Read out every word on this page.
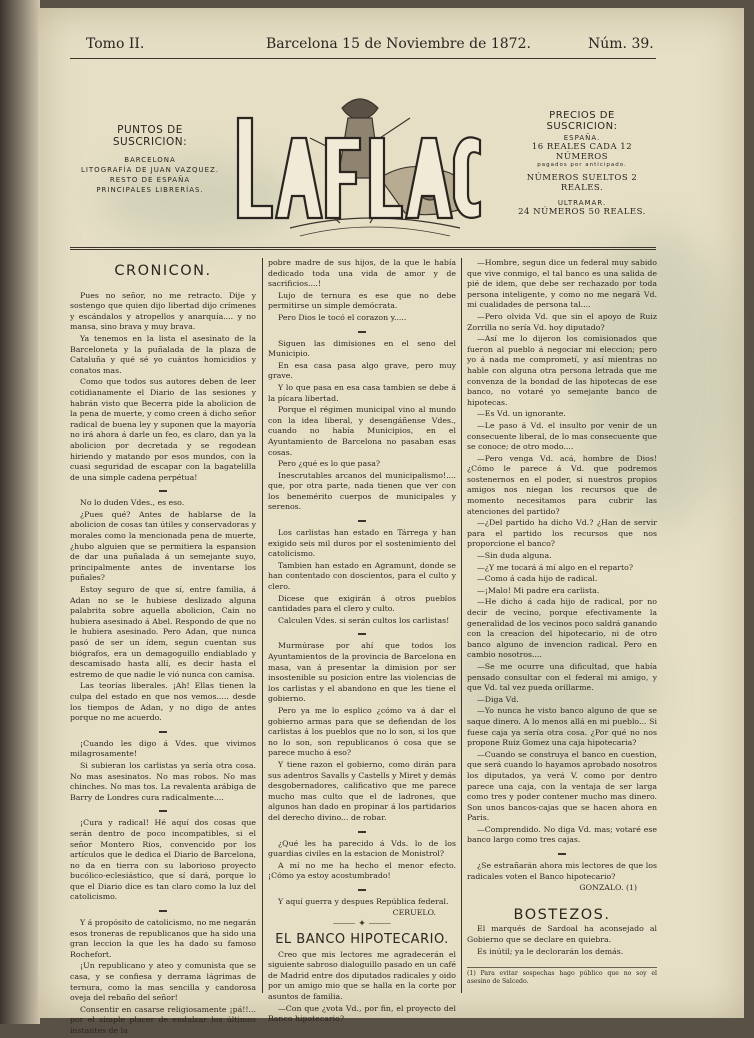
Tomo II.	Barcelona 15 de Noviembre de 1872.	Núm. 39.
PUNTOS DE SUSCRICION:
BARCELONA
LITOGRAFÍA DE JUAN VAZQUEZ.
RESTO DE ESPAÑA
PRINCIPALES LIBRERÍAS.
PRECIOS DE SUSCRICION:
ESPAÑA.
16 REALES CADA 12 NÚMEROS
pagados por anticipado.
NÚMEROS SUELTOS 2 REALES.
ULTRAMAR.
24 NÚMEROS 50 REALES.
CRONICON.

Pues no señor, no me retracto. Dije y sostengo que quien dijo libertad dijo crímenes y escándalos y atropellos y anarquía.... y no mansa, sino brava y muy brava.

Ya tenemos en la lista el asesinato de la Barceloneta y la puñalada de la plaza de Cataluña y qué sé yo cuántos homicidios y conatos mas.

Como que todos sus autores deben de leer cotidianamente el Diario de las sesiones y habrán visto que Becerra pide la abolicion de la pena de muerte, y como creen á dicho señor radical de buena ley y suponen que la mayoría no irá ahora á darle un feo, es claro, dan ya la abolicion por decretada y se regodean hiriendo y matando por esos mundos, con la cuasi seguridad de escapar con la bagatelilla de una simple cadena perpétua!

No lo duden Vdes., es eso.

¿Pues qué? Antes de hablarse de la abolicion de cosas tan útiles y conservadoras y morales como la mencionada pena de muerte, ¿hubo alguien que se permitiera la espansion de dar una puñalada á un semejante suyo, principalmente antes de inventarse los puñales?

Estoy seguro de que sí, entre familia, á Adan no se le hubiese deslizado alguna palabrita sobre aquella abolicion, Cain no hubiera asesinado á Abel. Respondo de que no le hubiera asesinado. Pero Adan, que nunca pasó de ser un ídem, segun cuentan sus biógrafos, era un demagoguillo endiablado y descamisado hasta allí, es decir hasta el estremo de que nadie le vió nunca con camisa.

Las teorías liberales. ¡Ah! Ellas tienen la culpa del estado en que nos vemos..... desde los tiempos de Adan, y no digo de antes porque no me acuerdo.

¡Cuando les digo á Vdes. que vivimos milagrosamente!

Si subieran los carlistas ya sería otra cosa. No mas asesinatos. No mas robos. No mas chinches. No mas tos. La revalenta arábiga de Barry de Londres cura radicalmente....

¡Cura y radical! Hé aquí dos cosas que serán dentro de poco incompatibles, si el señor Montero Rios, convencido por los artículos que le dedica el Diario de Barcelona, no da en tierra con su laborioso proyecto bucólico-eclesiástico, que sí dará, porque lo que el Diario dice es tan claro como la luz del catolicismo.

Y á propósito de catolicismo, no me negarán esos troneras de republicanos que ha sido una gran leccion la que les ha dado su famoso Rochefort.

¡Un republicano y ateo y comunista que se casa, y se confiesa y derrama lágrimas de ternura, como la mas sencilla y candorosa oveja del rebaño del señor!

Consentir en casarse religiosamente ¡pá!!... por el simple placer de endulzar los últimos instantes de la

pobre madre de sus hijos, de la que le había dedicado toda una vida de amor y de sacrificios....!

Lujo de ternura es ese que no debe permitirse un simple demócrata.

Pero Dios le tocó el corazon y.....

Siguen las dimisiones en el seno del Municipio.

En esa casa pasa algo grave, pero muy grave.

Y lo que pasa en esa casa tambien se debe á la pícara libertad.

Porque el régimen municipal vino al mundo con la idea liberal, y desengáñense Vdes., cuando no había Municipios, en el Ayuntamiento de Barcelona no pasaban esas cosas.

Pero ¿qué es lo que pasa?

Inescrutables arcanos del municipalismo!.... que, por otra parte, nada tienen que ver con los benemérito cuerpos de municipales y serenos.

Los carlistas han estado en Tárrega y han exigido seis mil duros por el sostenimiento del catolicismo.

Tambien han estado en Agramunt, donde se han contentado con doscientos, para el culto y clero.

Dicese que exigirán á otros pueblos cantidades para el clero y culto.

Calculen Vdes. si serán cultos los carlistas!

Murmúrase por ahí que todos los Ayuntamientos de la provincia de Barcelona en masa, van á presentar la dimision por ser insostenible su posicion entre las violencias de los carlistas y el abandono en que les tiene el gobierno.

Pero ya me lo esplico ¿cómo va á dar el gobierno armas para que se defiendan de los carlistas á los pueblos que no lo son, si los que no lo son, son republicanos ó cosa que se parece mucho á eso?

Y tiene razon el gobierno, como dirán para sus adentros Savalls y Castells y Miret y demás desgobernadores, calificativo que me parece mucho mas culto que el de ladrones, que algunos han dado en propinar á los partidarios del derecho divino... de robar.

¿Qué les ha parecido á Vds. lo de los guardias civiles en la estacion de Monistrol?

A mí no me ha hecho el menor efecto. ¡Cómo ya estoy acostumbrado!

Y aquí guerra y despues República federal.

CERUELO.
⸻ ✦ ⸻
EL BANCO HIPOTECARIO.

Creo que mis lectores me agradecerán el siguiente sabroso dialoguillo pasado en un café de Madrid entre dos diputados radicales y oido por un amigo mio que se halla en la corte por asuntos de familia.

—Con que ¿vota Vd., por fin, el proyecto del Banco hipotecario?

—Hombre, segun dice un federal muy sabido que vive conmigo, el tal banco es una salida de pié de idem, que debe ser rechazado por toda persona inteligente, y como no me negará Vd. mi cualidades de persona tal....

—Pero olvida Vd. que sin el apoyo de Ruiz Zorrilla no sería Vd. hoy diputado?

—Así me lo dijeron los comisionados que fueron al pueblo á negociar mi eleccion; pero yo á nada me comprometí, y así mientras no hable con alguna otra persona letrada que me convenza de la bondad de las hipotecas de ese banco, no votaré yo semejante banco de hipotecas.

—Es Vd. un ignorante.

—Le paso á Vd. el insulto por venir de un consecuente liberal, de lo mas consecuente que se conoce; de otro modo....

—Pero venga Vd. acá, hombre de Dios! ¿Cómo le parece á Vd. que podremos sostenernos en el poder, si nuestros propios amigos nos niegan los recursos que de momento necesitamos para cubrir las atenciones del partido?

—¿Del partido ha dicho Vd.? ¿Han de servir para el partido los recursos que nos proporcione el banco?

—Sin duda alguna.

—¿Y me tocará á mí algo en el reparto?

—Como á cada hijo de radical.

—¡Malo! Mi padre era carlista.

—He dicho á cada hijo de radical, por no decir de vecino, porque efectivamente la generalidad de los vecinos poco saldrá ganando con la creacion del hipotecario, ni de otro banco alguno de invencion radical. Pero en cambio nosotros....

—Se me ocurre una dificultad, que había pensado consultar con el federal mi amigo, y que Vd. tal vez pueda orillarme.

—Diga Vd.

—Yo nunca he visto banco alguno de que se saque dinero. A lo menos allá en mi pueblo... Si fuese caja ya sería otra cosa. ¿Por qué no nos propone Ruiz Gomez una caja hipotecaria?

—Cuando se construya el banco en cuestion, que será cuando lo hayamos aprobado nosotros los diputados, ya verá V. como por dentro parece una caja, con la ventaja de ser larga como tres y poder contener mucho mas dinero. Son unos bancos-cajas que se hacen ahora en Paris.

—Comprendido. No diga Vd. mas; votaré ese banco largo como tres cajas.

¿Se estrañarán ahora mis lectores de que los radicales voten el Banco hipotecario?

GONZALO. (1)
BOSTEZOS.

El marqués de Sardoal ha aconsejado al Gobierno que se declare en quiebra.

Es inútil; ya le declorarán los demás.

(1) Para evitar sospechas hago público que no soy el asesino de Salcedo.
